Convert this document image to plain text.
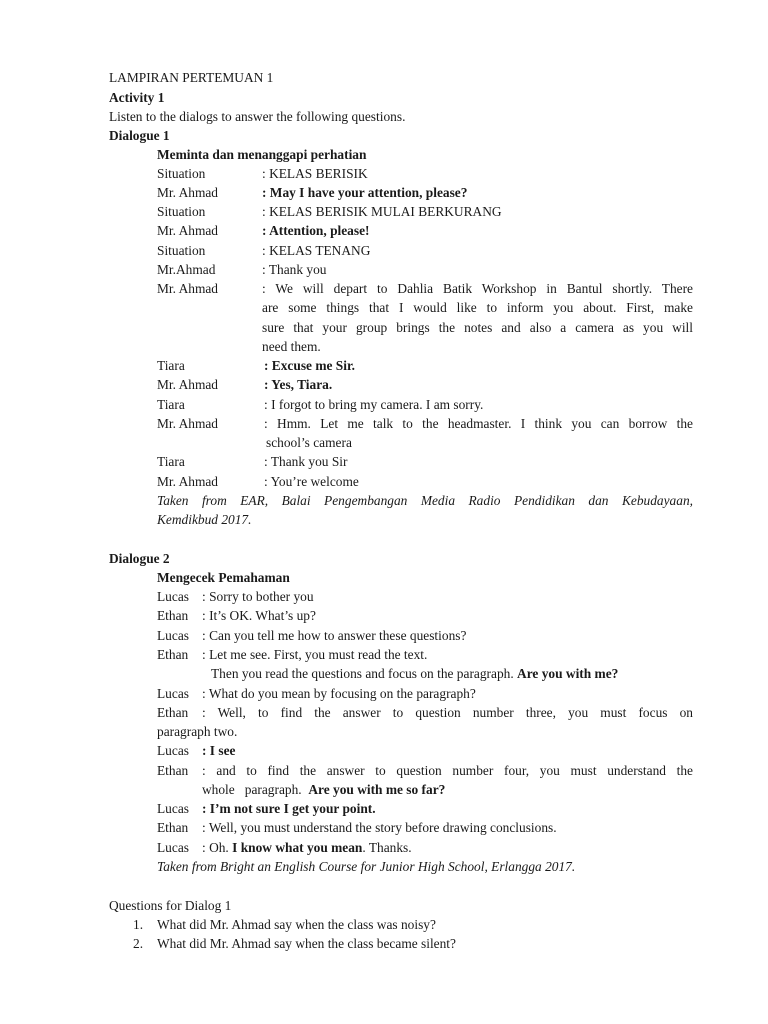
LAMPIRAN PERTEMUAN 1
Activity 1
Listen to the dialogs to answer the following questions.
Dialogue 1
Meminta dan menanggapi perhatian
Situation	: KELAS BERISIK
Mr. Ahmad	: May I have your attention, please?
Situation	: KELAS BERISIK MULAI BERKURANG
Mr. Ahmad	: Attention, please!
Situation	: KELAS TENANG
Mr.Ahmad	: Thank you
Mr. Ahmad	: We will depart to Dahlia Batik Workshop in Bantul shortly. There
are some things that I would like to inform you about. First, make
sure that your group brings the notes and also a camera as you will
need them.
Tiara	: Excuse me Sir.
Mr. Ahmad	: Yes, Tiara.
Tiara	: I forgot to bring my camera. I am sorry.
Mr. Ahmad	: Hmm. Let me talk to the headmaster. I think you can borrow the
school’s camera
Tiara	: Thank you Sir
Mr. Ahmad	: You’re welcome
Taken from EAR, Balai Pengembangan Media Radio Pendidikan dan Kebudayaan,
Kemdikbud 2017.
Dialogue 2
Mengecek Pemahaman
Lucas : Sorry to bother you
Ethan : It’s OK. What’s up?
Lucas : Can you tell me how to answer these questions?
Ethan : Let me see. First, you must read the text.
Then you read the questions and focus on the paragraph. Are you with me?
Lucas : What do you mean by focusing on the paragraph?
Ethan : Well, to find the answer to question number three, you must focus on
paragraph two.
Lucas : I see
Ethan : and to find the answer to question number four, you must understand the
whole   paragraph. Are you with me so far?
Lucas : I’m not sure I get your point.
Ethan : Well, you must understand the story before drawing conclusions.
Lucas : Oh. I know what you mean. Thanks.
Taken from Bright an English Course for Junior High School, Erlangga 2017.
Questions for Dialog 1
1. What did Mr. Ahmad say when the class was noisy?
2. What did Mr. Ahmad say when the class became silent?
